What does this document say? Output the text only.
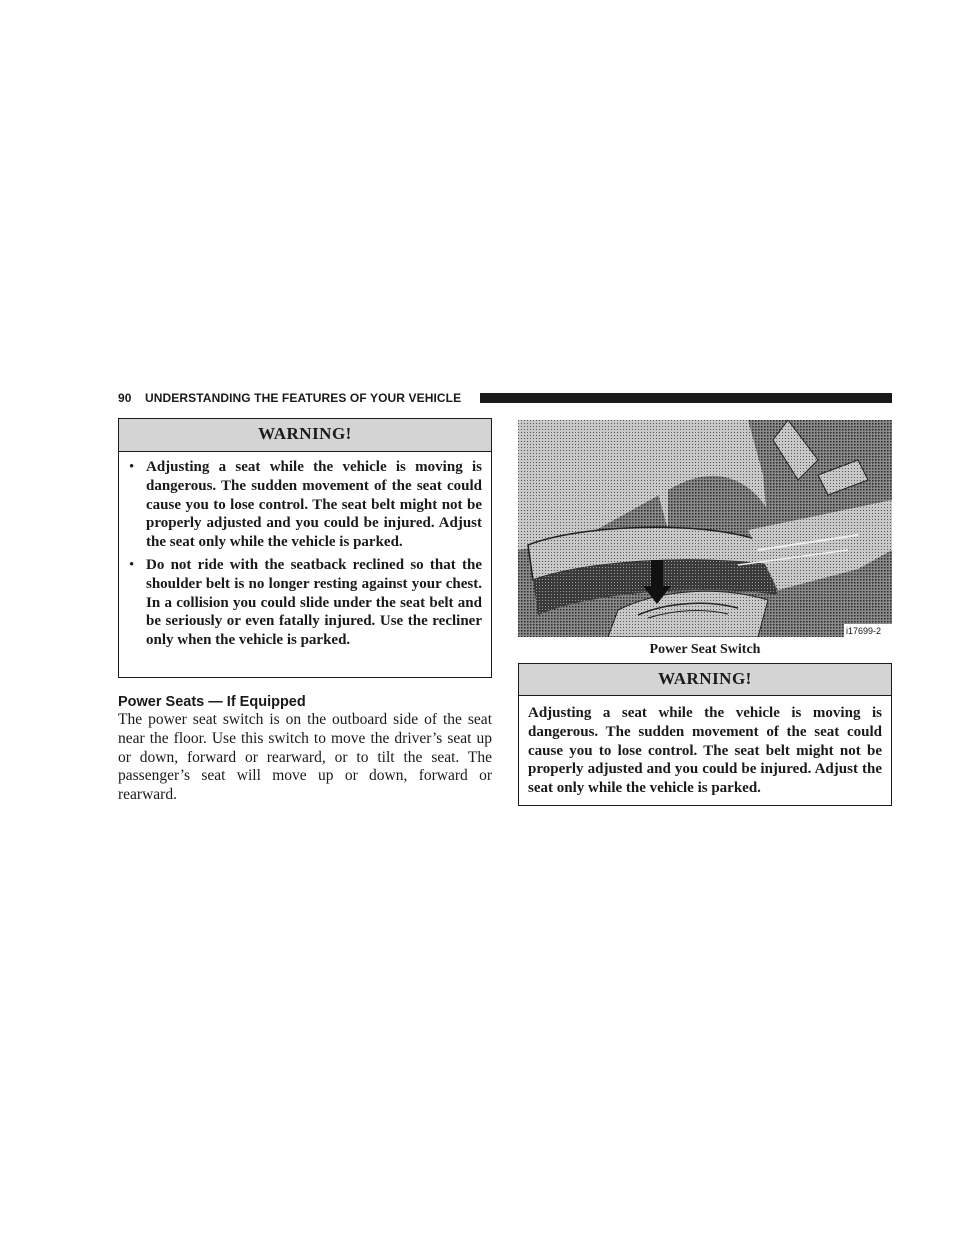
90 UNDERSTANDING THE FEATURES OF YOUR VEHICLE
WARNING!
• Adjusting a seat while the vehicle is moving is dangerous. The sudden movement of the seat could cause you to lose control. The seat belt might not be properly adjusted and you could be injured. Adjust the seat only while the vehicle is parked.
• Do not ride with the seatback reclined so that the shoulder belt is no longer resting against your chest. In a collision you could slide under the seat belt and be seriously or even fatally injured. Use the recliner only when the vehicle is parked.
Power Seats — If Equipped
The power seat switch is on the outboard side of the seat near the floor. Use this switch to move the driver’s seat up or down, forward or rearward, or to tilt the seat. The passenger’s seat will move up or down, forward or rearward.
i17699-2
Power Seat Switch
WARNING!
Adjusting a seat while the vehicle is moving is dangerous. The sudden movement of the seat could cause you to lose control. The seat belt might not be properly adjusted and you could be injured. Adjust the seat only while the vehicle is parked.
